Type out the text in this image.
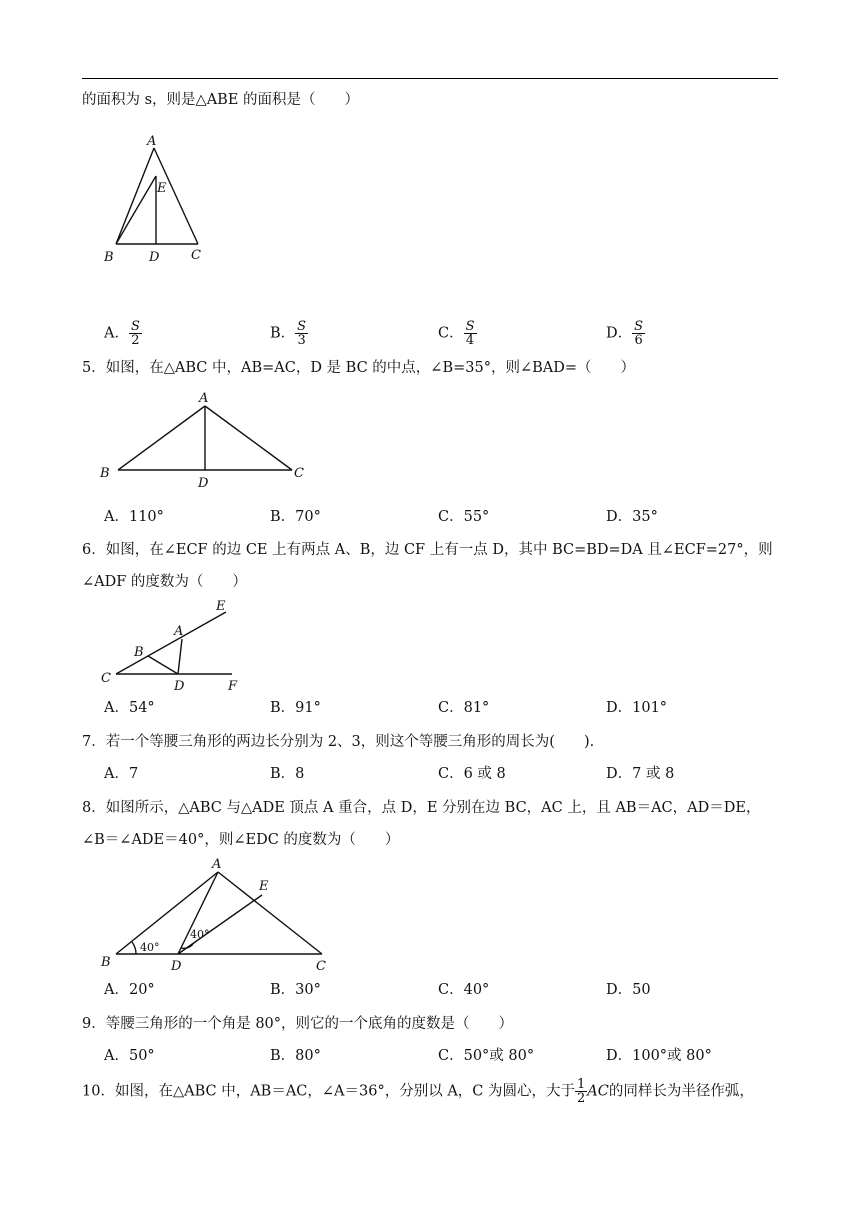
的面积为 s，则是△ABE 的面积是（　　）
A
E
B	D C
A． $\frac{S}{2}$	B． $\frac{S}{3}$	C． $\frac{S}{4}$	D． $\frac{S}{6}$
5．如图，在△ABC 中，AB=AC，D 是 BC 的中点，∠B=35°，则∠BAD=（　　）
A
B
D
C
A．110°	B．70°	C．55°	D．35°
6．如图，在∠ECF 的边 CE 上有两点 A、B，边 CF 上有一点 D，其中 BC=BD=DA 且∠ECF=27°，则
∠ADF 的度数为（　　）
E
A
B
C
D	F
A．54°	B．91°	C．81°	D．101°
7．若一个等腰三角形的两边长分别为 2、3，则这个等腰三角形的周长为(　　).
A．7	B．8	C．6 或 8	D．7 或 8
8．如图所示，△ABC 与△ADE 顶点 A 重合，点 D，E 分别在边 BC，AC 上，且 AB＝AC，AD＝DE，
∠B＝∠ADE＝40°，则∠EDC 的度数为（　　）
A
E
B	D	C
40°
40°
A．20°	B．30°	C．40°	D．50
9．等腰三角形的一个角是 80°，则它的一个底角的度数是（　　）
A．50°	B．80°	C．50°或 80°	D．100°或 80°
10．如图，在△ABC 中，AB＝AC，∠A＝36°，分别以 A，C 为圆心，大于 $\frac{1}{2}$ AC的同样长为半径作弧，
